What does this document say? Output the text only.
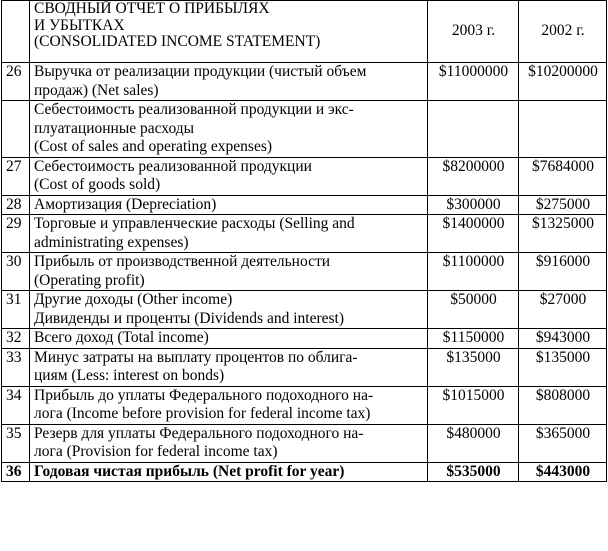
	СВОДНЫЙ ОТЧЕТ О ПРИБЫЛЯХ
И УБЫТКАХ
(CONSOLIDATED INCOME STATEMENT)	2003 г.	2002 г.
26	Выручка от реализации продукции (чистый объем
продаж) (Net sales)	$11000000	$10200000

	Себестоимость реализованной продукции и экс-
плуатационные расходы
(Cost of sales and operating expenses)		

27	Себестоимость реализованной продукции
(Cost of goods sold)	$8200000	$7684000
28	Амортизация (Depreciation)	$300000	$275000
29	Торговые и управленческие расходы (Selling and
administrating expenses)	$1400000	$1325000
30	Прибыль от производственной деятельности
(Operating profit)	$1100000	$916000
31	Другие доходы (Other income)
Дивиденды и проценты (Dividends and interest)	$50000	$27000
32	Всего доход (Total income)	$1150000	$943000
33	Минус затраты на выплату процентов по облига-
циям (Less: interest on bonds)	$135000	$135000
34	Прибыль до уплаты Федерального подоходного на-
лога (Income before provision for federal income tax)	$1015000	$808000
35	Резерв для уплаты Федерального подоходного на-
лога (Provision for federal income tax)	$480000	$365000
36	Годовая чистая прибыль (Net profit for year)	$535000	$443000
